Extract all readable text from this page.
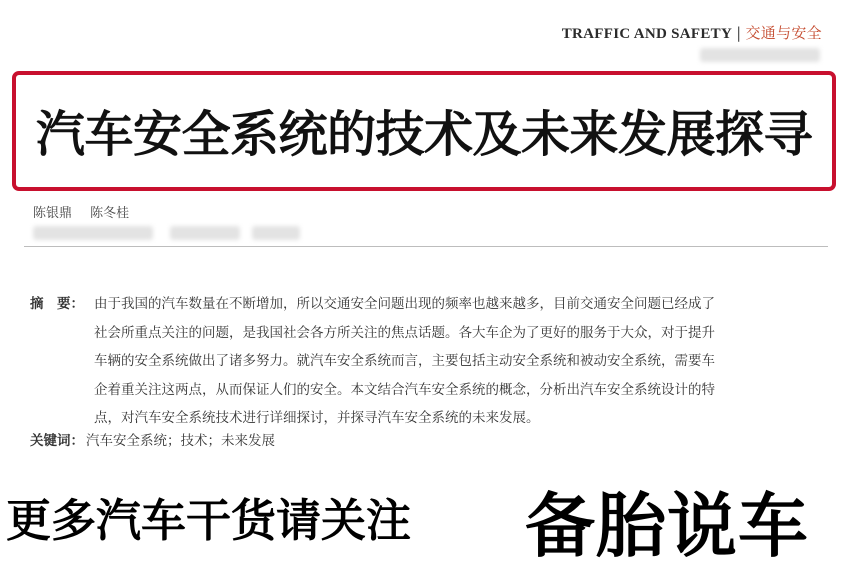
TRAFFIC AND SAFETY | 交通与安全
汽车安全系统的技术及未来发展探寻
陈银鼎 陈冬桂
摘　要： 由于我国的汽车数量在不断增加，所以交通安全问题出现的频率也越来越多，目前交通安全问题已经成了
社会所重点关注的问题，是我国社会各方所关注的焦点话题。各大车企为了更好的服务于大众，对于提升
车辆的安全系统做出了诸多努力。就汽车安全系统而言，主要包括主动安全系统和被动安全系统，需要车
企着重关注这两点，从而保证人们的安全。本文结合汽车安全系统的概念，分析出汽车安全系统设计的特
点，对汽车安全系统技术进行详细探讨，并探寻汽车安全系统的未来发展。
关键词： 汽车安全系统；技术；未来发展
更多汽车干货请关注 备胎说车
